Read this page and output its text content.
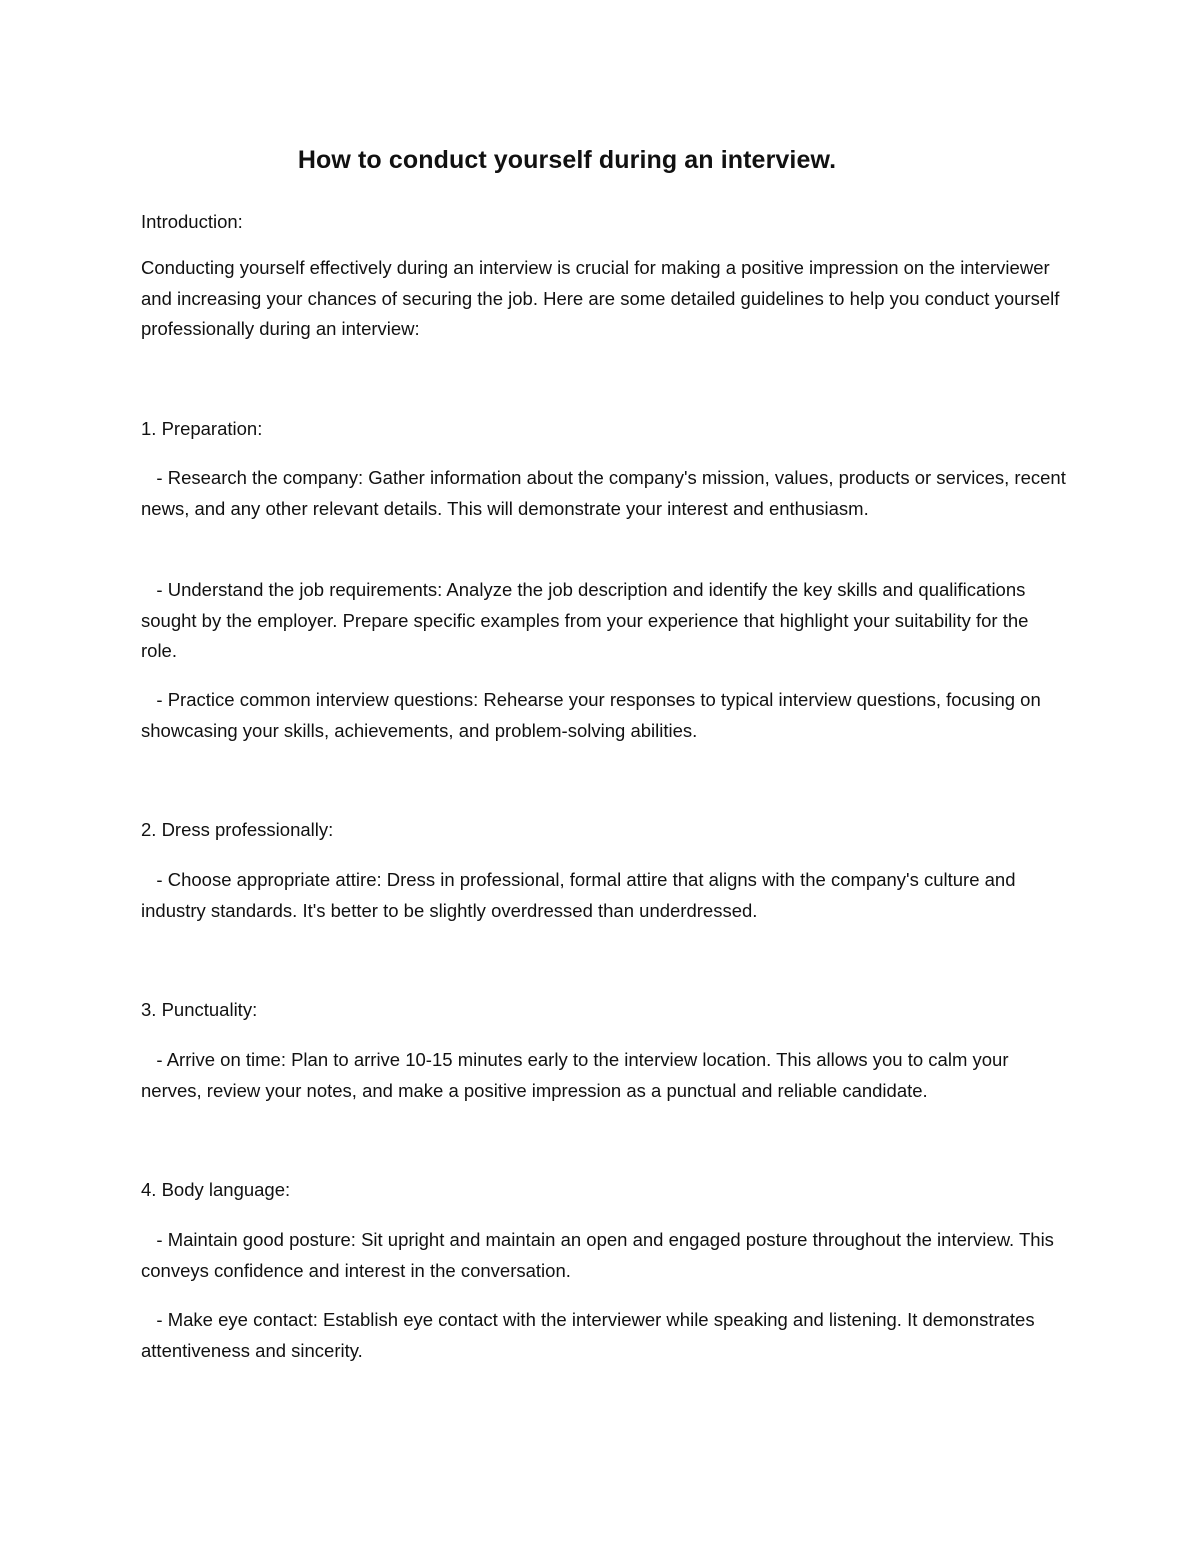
How to conduct yourself during an interview.

Introduction:

Conducting yourself effectively during an interview is crucial for making a positive impression on the interviewer and increasing your chances of securing the job. Here are some detailed guidelines to help you conduct yourself professionally during an interview:

1. Preparation:

- Research the company: Gather information about the company's mission, values, products or services, recent news, and any other relevant details. This will demonstrate your interest and enthusiasm.

- Understand the job requirements: Analyze the job description and identify the key skills and qualifications sought by the employer. Prepare specific examples from your experience that highlight your suitability for the role.

- Practice common interview questions: Rehearse your responses to typical interview questions, focusing on showcasing your skills, achievements, and problem-solving abilities.

2. Dress professionally:

- Choose appropriate attire: Dress in professional, formal attire that aligns with the company's culture and industry standards. It's better to be slightly overdressed than underdressed.

3. Punctuality:

- Arrive on time: Plan to arrive 10-15 minutes early to the interview location. This allows you to calm your nerves, review your notes, and make a positive impression as a punctual and reliable candidate.

4. Body language:

- Maintain good posture: Sit upright and maintain an open and engaged posture throughout the interview. This conveys confidence and interest in the conversation.

- Make eye contact: Establish eye contact with the interviewer while speaking and listening. It demonstrates attentiveness and sincerity.
